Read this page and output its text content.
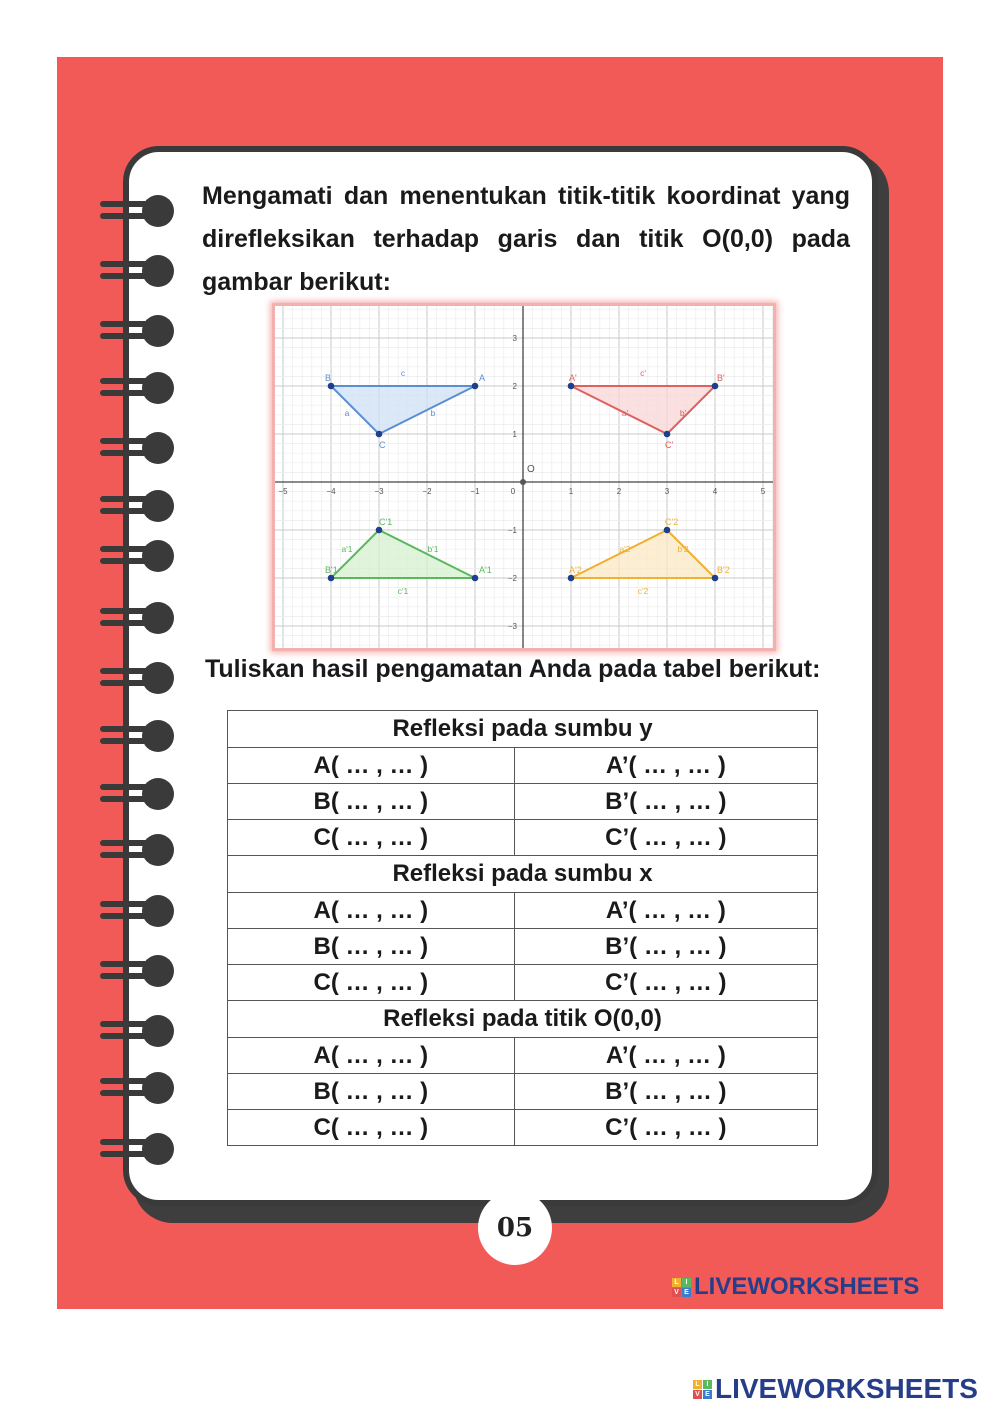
Mengamati dan menentukan titik-titik koordinat yang direfleksikan terhadap garis dan titik O(0,0) pada gambar berikut:
−5	−4	−3	−2	−1	0	1	2	3	4	5
3
2
1
−1
−2
−3
O
A
B
C
c
a	b
A'	B'
C'
c'
b'
a'
A'1
B'1
C'1
c'1
a'1	b'1
A'2	B'2
C'2
c'2
b'2
a'2
Tuliskan hasil pengamatan Anda pada tabel berikut:
Refleksi pada sumbu y	
A( … , … )	A’( … , … )
B( … , … )	B’( … , … )
C( … , … )	C’( … , … )
Refleksi pada sumbu x	
A( … , … )	A’( … , … )
B( … , … )	B’( … , … )
C( … , … )	C’( … , … )
Refleksi pada titik O(0,0)	
A( … , … )	A’( … , … )
B( … , … )	B’( … , … )
C( … , … )	C’( … , … )
05
L I
V E LIVEWORKSHEETS
L I
V E LIVEWORKSHEETS
